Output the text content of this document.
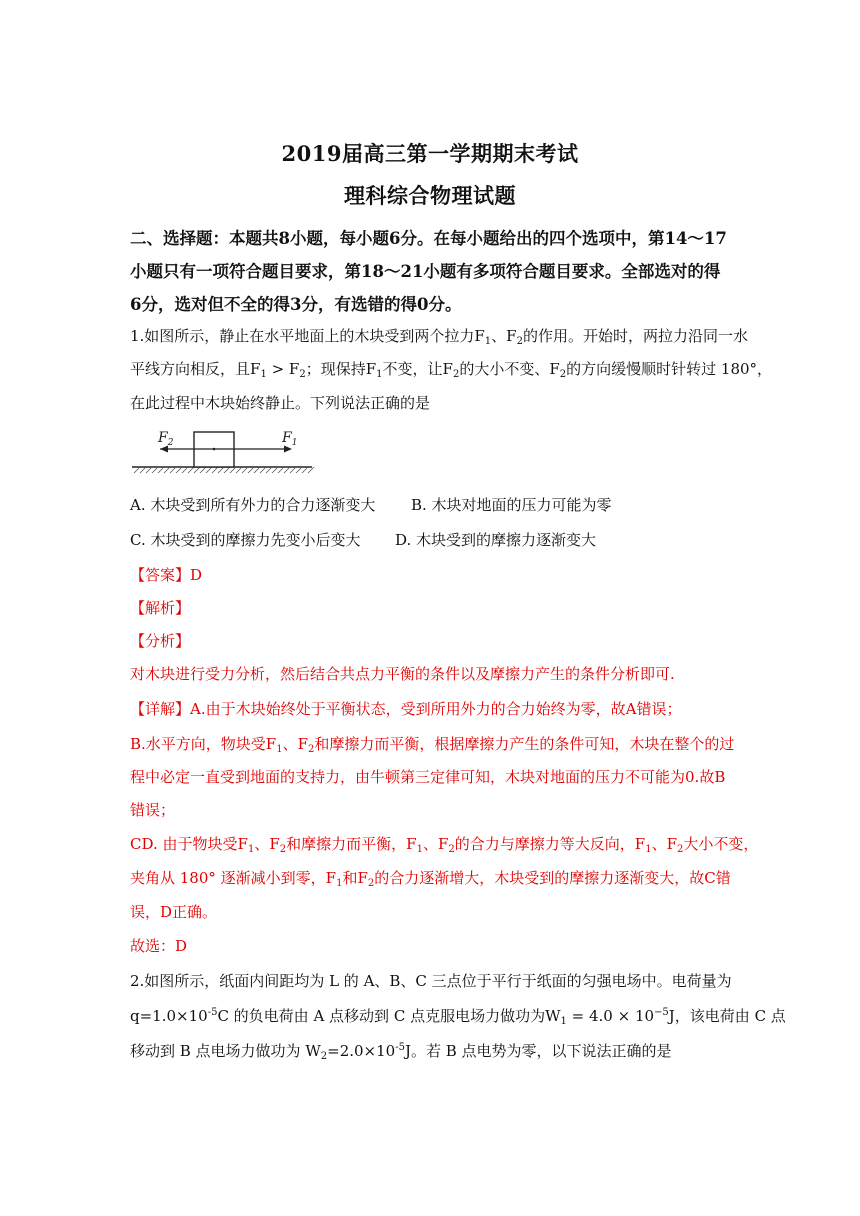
2019届高三第一学期期末考试
理科综合物理试题
二、选择题：本题共8小题，每小题6分。在每小题给出的四个选项中，第14～17小题只有一项符合题目要求，第18～21小题有多项符合题目要求。全部选对的得6分，选对但不全的得3分，有选错的得0分。
1.如图所示，静止在水平地面上的木块受到两个拉力$F_1$、$F_2$的作用。开始时，两拉力沿同一水
平线方向相反，且$F_1 > F_2$；现保持$F_1$不变，让$F_2$的大小不变、$F_2$的方向缓慢顺时针转过 180°，
在此过程中木块始终静止。下列说法正确的是
$F_2$	$F_1$
A. 木块受到所有外力的合力逐渐变大 B. 木块对地面的压力可能为零
C. 木块受到的摩擦力先变小后变大 D. 木块受到的摩擦力逐渐变大
【答案】D
【解析】
【分析】
对木块进行受力分析，然后结合共点力平衡的条件以及摩擦力产生的条件分析即可.
【详解】A.由于木块始终处于平衡状态，受到所用外力的合力始终为零，故A错误；
B.水平方向，物块受$F_1$、$F_2$和摩擦力而平衡，根据摩擦力产生的条件可知，木块在整个的过
程中必定一直受到地面的支持力，由牛顿第三定律可知，木块对地面的压力不可能为0.故B
错误；
CD. 由于物块受$F_1$、$F_2$和摩擦力而平衡，$F_1$、$F_2$的合力与摩擦力等大反向，$F_1$、$F_2$大小不变，
夹角从 180° 逐渐减小到零，$F_1$和$F_2$的合力逐渐增大，木块受到的摩擦力逐渐变大，故C错
误，D正确。
故选：D
2.如图所示，纸面内间距均为 L 的 A、B、C 三点位于平行于纸面的匀强电场中。电荷量为
$q=1.0\times 10^{-5}C$ 的负电荷由 A 点移动到 C 点克服电场力做功为$W_1 = 4.0 \times 10^{-5}J$，该电荷由 C 点
移动到 B 点电场力做功为 $W_2=2.0\times 10^{-5}J$。若 B 点电势为零，以下说法正确的是
